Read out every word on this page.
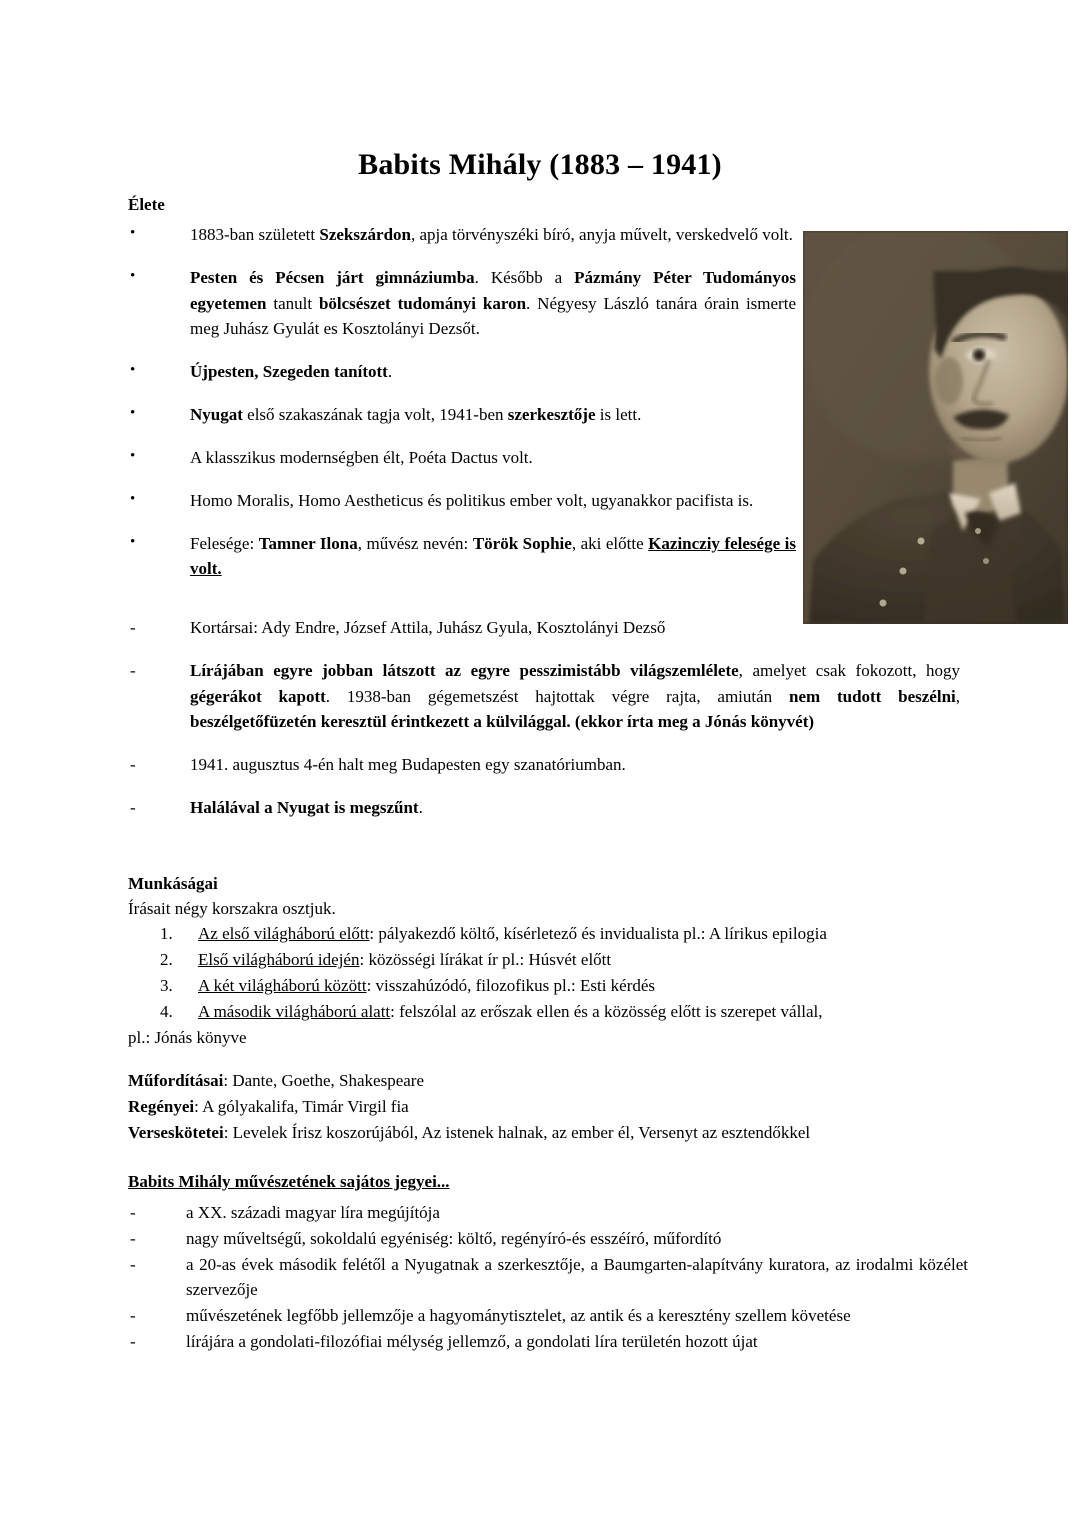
Babits Mihály (1883 – 1941)
Élete
•	1883-ban született Szekszárdon, apja törvényszéki bíró, anyja művelt, verskedvelő volt.
•	Pesten és Pécsen járt gimnáziumba. Később a Pázmány Péter Tudományos egyetemen tanult bölcsészet tudományi karon. Négyesy László tanára órain ismerte meg Juhász Gyulát es Kosztolányi Dezsőt.
•	Újpesten, Szegeden tanított.
•	Nyugat első szakaszának tagja volt, 1941-ben szerkesztője is lett.
•	A klasszikus modernségben élt, Poéta Dactus volt.
•	Homo Moralis, Homo Aestheticus és politikus ember volt, ugyanakkor pacifista is.
•	Felesége: Tamner Ilona, művész nevén: Török Sophie, aki előtte Kazincziy felesége is volt.
-	Kortársai: Ady Endre, József Attila, Juhász Gyula, Kosztolányi Dezső
-	Lírájában egyre jobban látszott az egyre pesszimistább világszemlélete, amelyet csak fokozott, hogy gégerákot kapott. 1938-ban gégemetszést hajtottak végre rajta, amiután nem tudott beszélni, beszélgetőfüzetén keresztül érintkezett a külvilággal. (ekkor írta meg a Jónás könyvét)
-	1941. augusztus 4-én halt meg Budapesten egy szanatóriumban.
-	Halálával a Nyugat is megszűnt.
Munkáságai
Írásait négy korszakra osztjuk.
1.	Az első világháború előtt: pályakezdő költő, kísérletező és invidualista pl.: A lírikus epilogia
2.	Első világháború idején: közösségi lírákat ír pl.: Húsvét előtt
3.	A két világháború között: visszahúzódó, filozofikus pl.: Esti kérdés
4.	A második világháború alatt: felszólal az erőszak ellen és a közösség előtt is szerepet vállal,
pl.: Jónás könyve
Műfordításai: Dante, Goethe, Shakespeare
Regényei: A gólyakalifa, Timár Virgil fia
Verseskötetei: Levelek Írisz koszorújából, Az istenek halnak, az ember él, Versenyt az esztendőkkel
Babits Mihály művészetének sajátos jegyei...
-	a XX. századi magyar líra megújítója
-	nagy műveltségű, sokoldalú egyéniség: költő, regényíró-és esszéíró, műfordító
-	a 20-as évek második felétől a Nyugatnak a szerkesztője, a Baumgarten-alapítvány kuratora, az irodalmi közélet szervezője
-	művészetének legfőbb jellemzője a hagyománytisztelet, az antik és a keresztény szellem követése
-	lírájára a gondolati-filozófiai mélység jellemző, a gondolati líra területén hozott újat
